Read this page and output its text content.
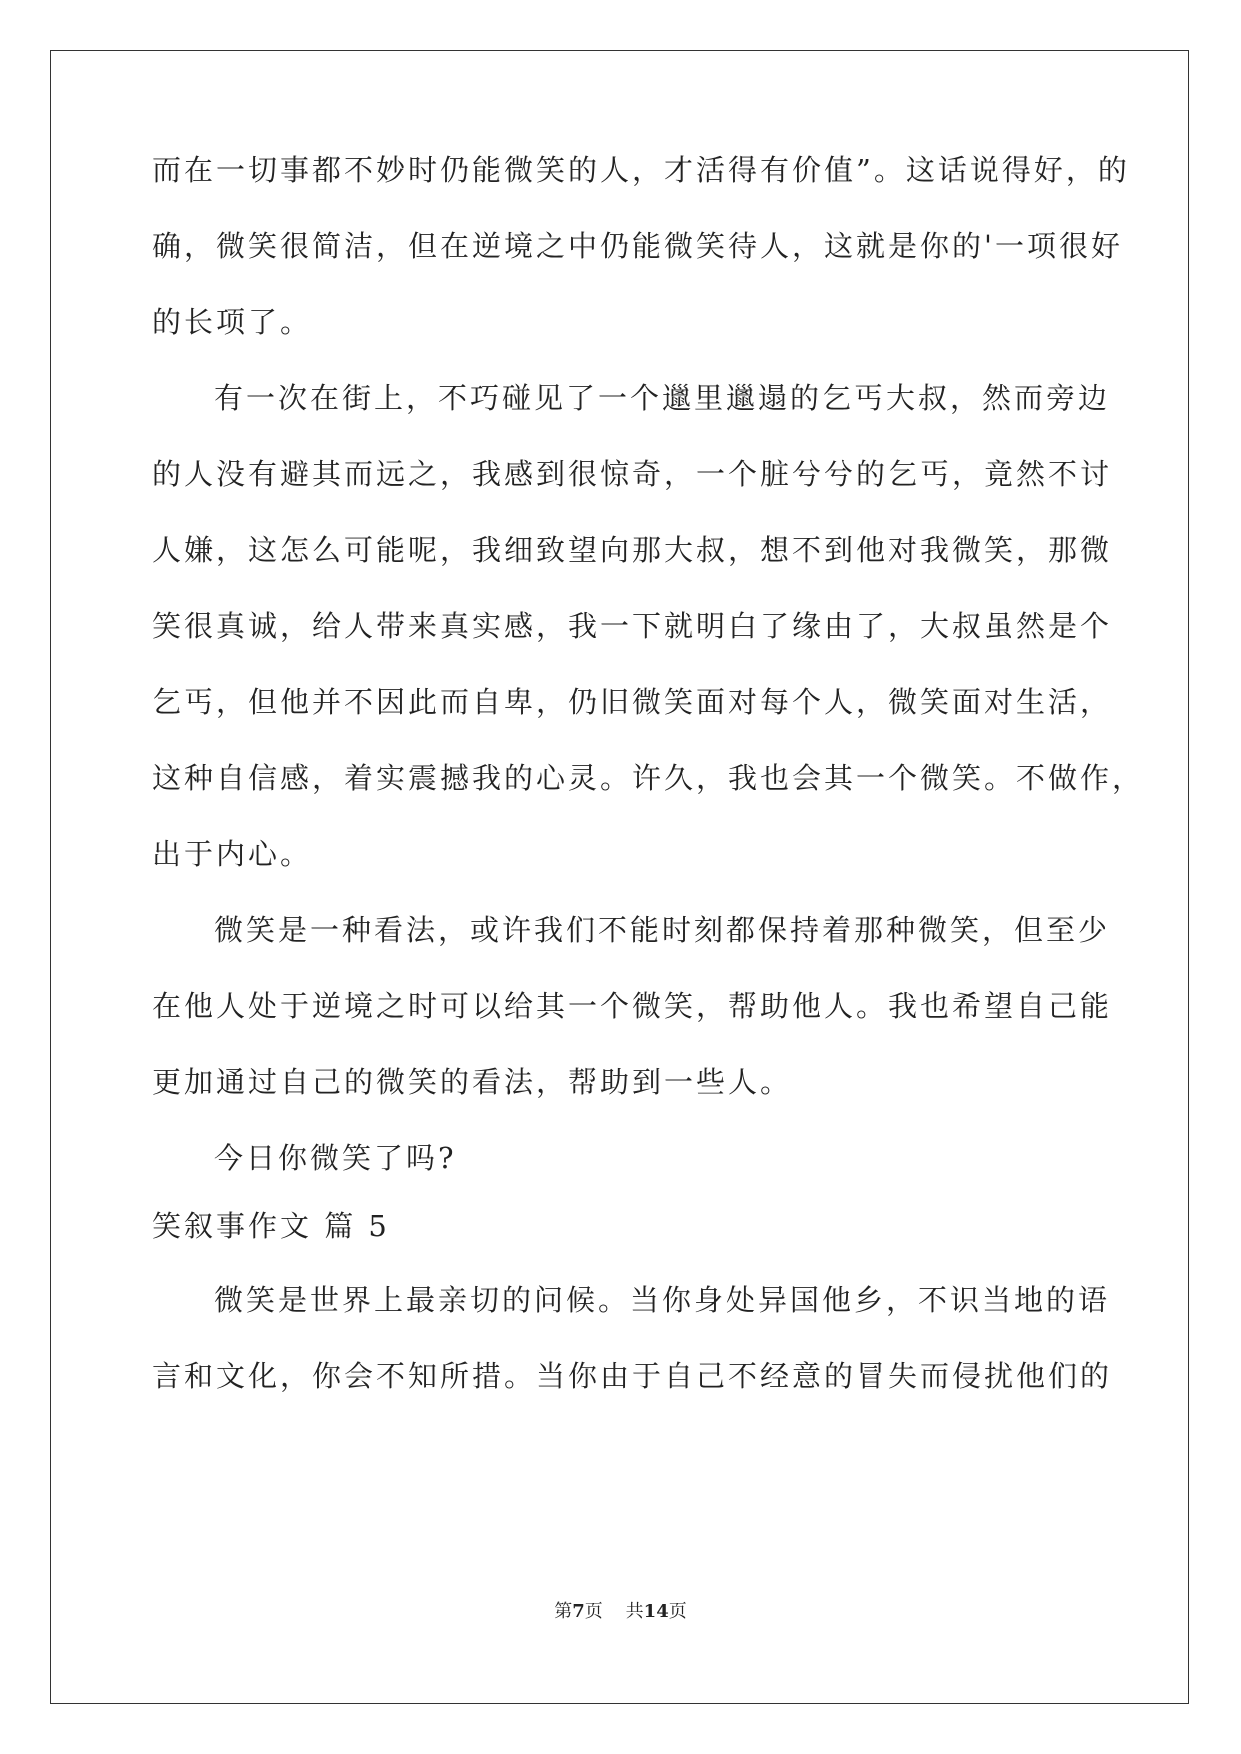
而在一切事都不妙时仍能微笑的人，才活得有价值”。这话说得好，的
确，微笑很简洁，但在逆境之中仍能微笑待人，这就是你的'一项很好
的长项了。
有一次在街上，不巧碰见了一个邋里邋遢的乞丐大叔，然而旁边
的人没有避其而远之，我感到很惊奇，一个脏兮兮的乞丐，竟然不讨
人嫌，这怎么可能呢，我细致望向那大叔，想不到他对我微笑，那微
笑很真诚，给人带来真实感，我一下就明白了缘由了，大叔虽然是个
乞丐，但他并不因此而自卑，仍旧微笑面对每个人，微笑面对生活，
这种自信感，着实震撼我的心灵。许久，我也会其一个微笑。不做作，
出于内心。
微笑是一种看法，或许我们不能时刻都保持着那种微笑，但至少
在他人处于逆境之时可以给其一个微笑，帮助他人。我也希望自己能
更加通过自己的微笑的看法，帮助到一些人。
今日你微笑了吗?
笑叙事作文 篇 5
微笑是世界上最亲切的问候。当你身处异国他乡，不识当地的语
言和文化，你会不知所措。当你由于自己不经意的冒失而侵扰他们的
第7页    共14页
